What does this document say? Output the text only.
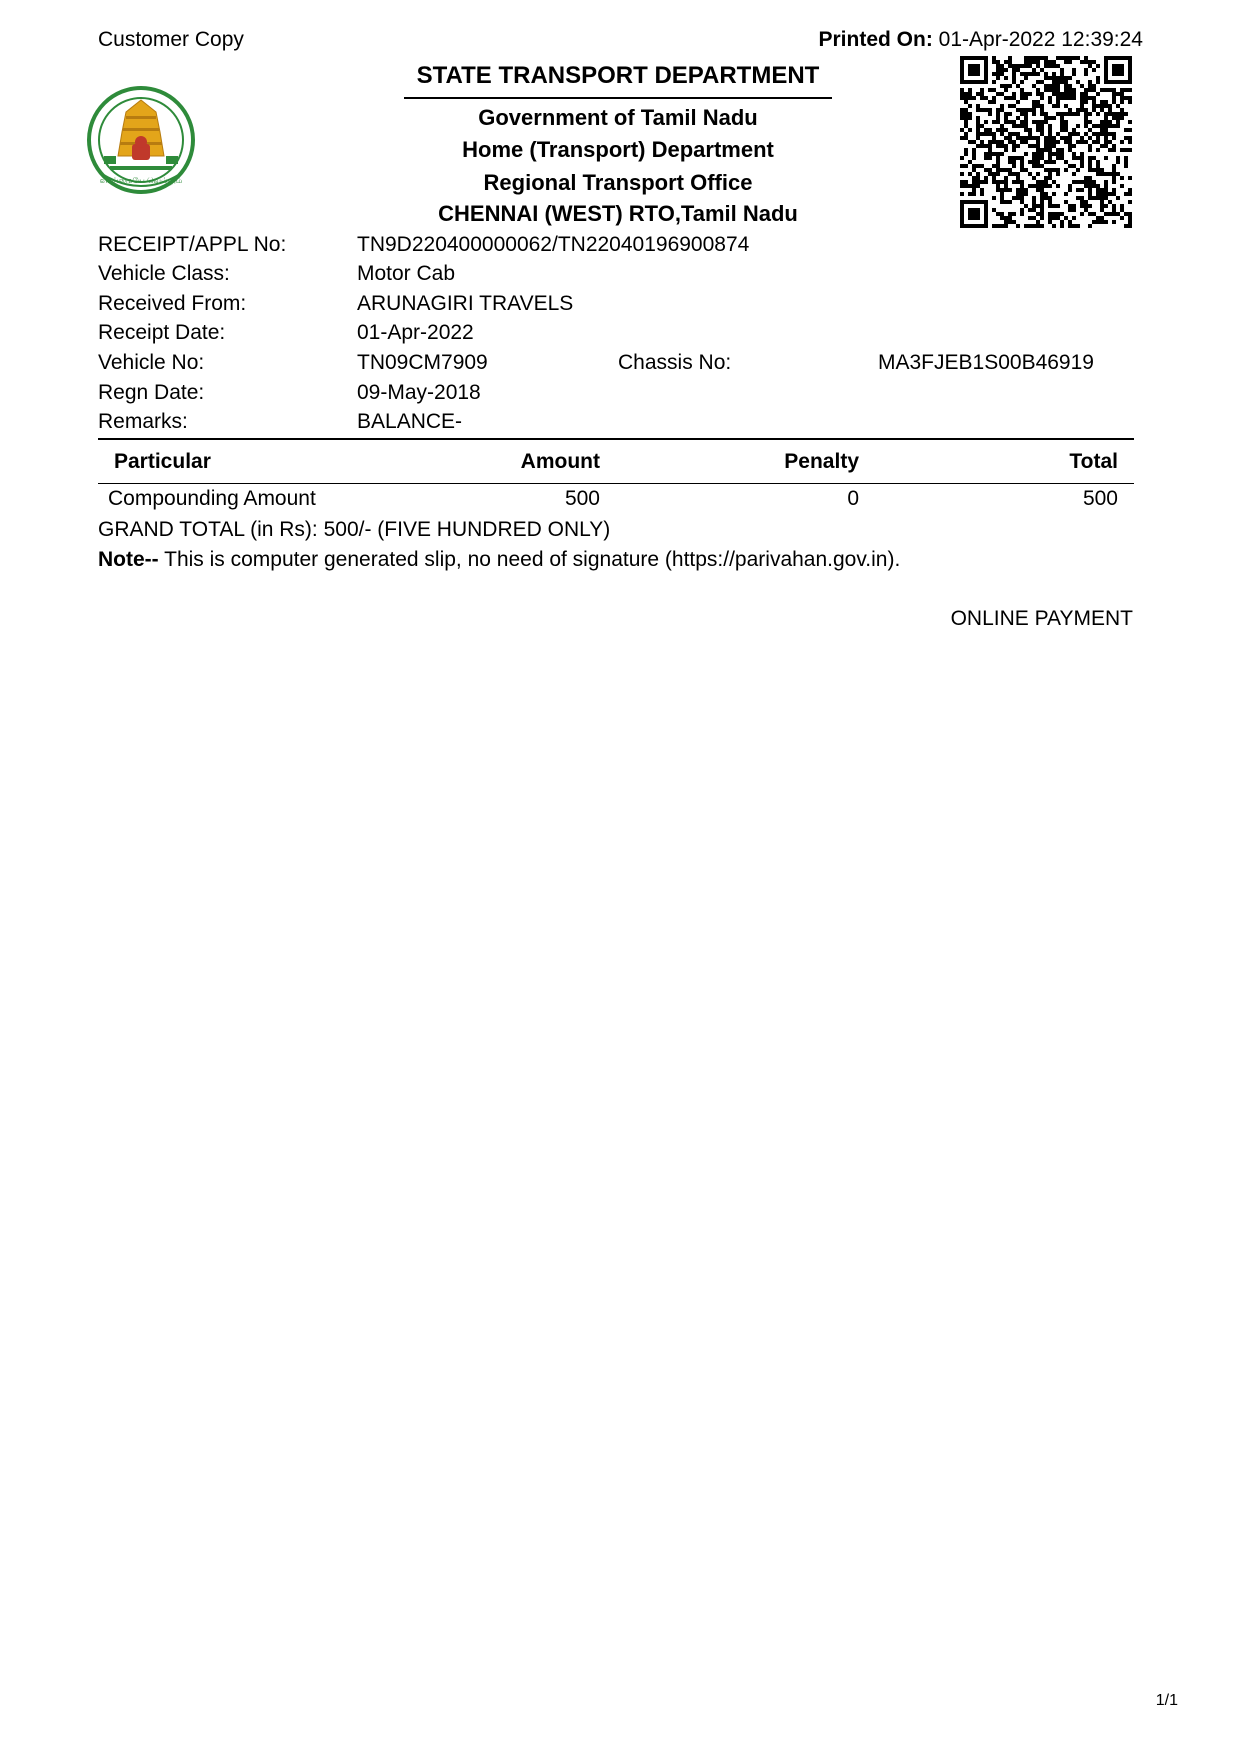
Customer Copy	Printed On: 01-Apr-2022 12:39:24
வாய்மையே வெல்லும்
STATE TRANSPORT DEPARTMENT
Government of Tamil Nadu
Home (Transport) Department
Regional Transport Office
CHENNAI (WEST) RTO,Tamil Nadu
RECEIPT/APPL No:	TN9D220400000062/TN22040196900874
Vehicle Class:	Motor Cab
Received From:	ARUNAGIRI TRAVELS
Receipt Date:	01-Apr-2022
Vehicle No:	TN09CM7909	Chassis No:	MA3FJEB1S00B46919
Regn Date:	09-May-2018
Remarks:	BALANCE-
Particular	Amount	Penalty	Total
Compounding Amount	500	0	500
GRAND TOTAL (in Rs): 500/- (FIVE HUNDRED ONLY)
Note-- This is computer generated slip, no need of signature (https://parivahan.gov.in).
ONLINE PAYMENT
1/1
